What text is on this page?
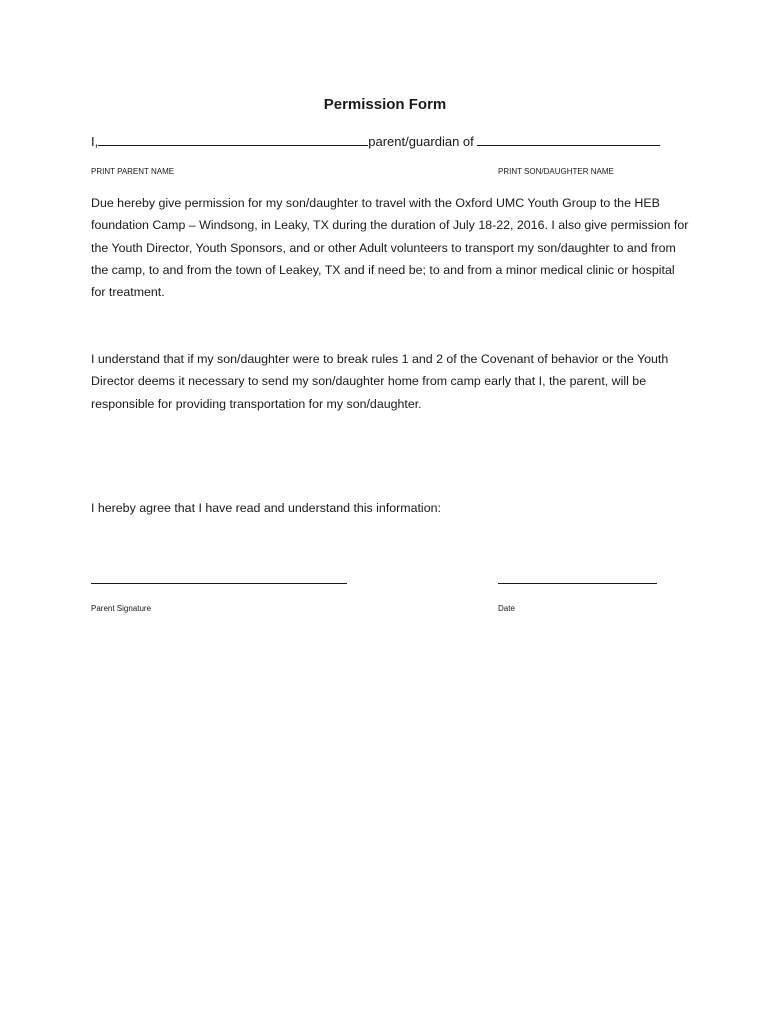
Permission Form
I,	parent/guardian of
PRINT PARENT NAME	PRINT SON/DAUGHTER NAME

Due hereby give permission for my son/daughter to travel with the Oxford UMC Youth Group to the HEB foundation Camp – Windsong, in Leaky, TX during the duration of July 18-22, 2016. I also give permission for the Youth Director, Youth Sponsors, and or other Adult volunteers to transport my son/daughter to and from the camp, to and from the town of Leakey, TX and if need be; to and from a minor medical clinic or hospital for treatment.

I understand that if my son/daughter were to break rules 1 and 2 of the Covenant of behavior or the Youth Director deems it necessary to send my son/daughter home from camp early that I, the parent, will be responsible for providing transportation for my son/daughter.

I hereby agree that I have read and understand this information:

Parent Signature	Date
